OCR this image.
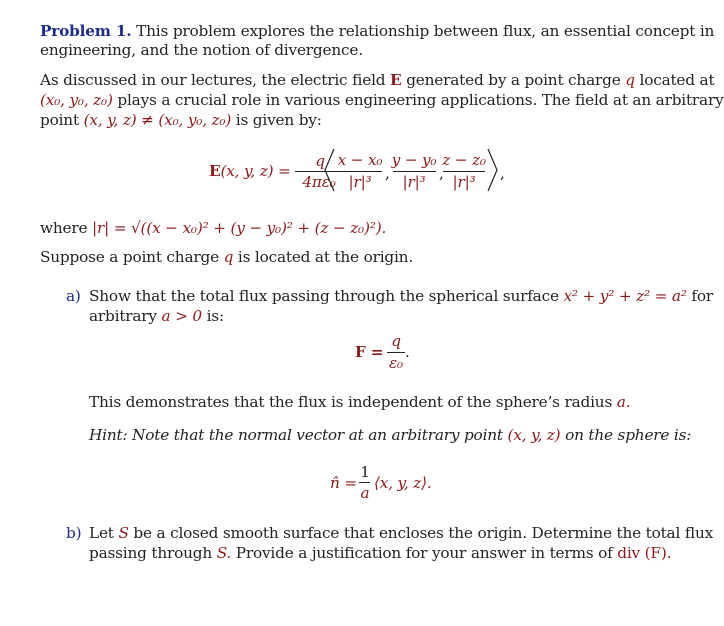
Problem 1. This problem explores the relationship between flux, an essential concept in
engineering, and the notion of divergence.
As discussed in our lectures, the electric field E generated by a point charge q located at
(x₀, y₀, z₀) plays a crucial role in various engineering applications. The field at an arbitrary
point (x, y, z) ≠ (x₀, y₀, z₀) is given by:
E(x, y, z) =
q
4πε₀
x − x₀
|r|³ ,
y − y₀
|r|³ ,
z − z₀
|r|³	,
where |r| = √((x − x₀)² + (y − y₀)² + (z − z₀)²).
Suppose a point charge q is located at the origin.
a) Show that the total flux passing through the spherical surface x² + y² + z² = a² for
arbitrary a > 0 is:
F =
q
ε₀
.
This demonstrates that the flux is independent of the sphere’s radius a.
Hint: Note that the normal vector at an arbitrary point (x, y, z) on the sphere is:
n̂ =
1
a
⟨x, y, z⟩.
b) Let S be a closed smooth surface that encloses the origin. Determine the total flux
passing through S. Provide a justification for your answer in terms of div (F).
